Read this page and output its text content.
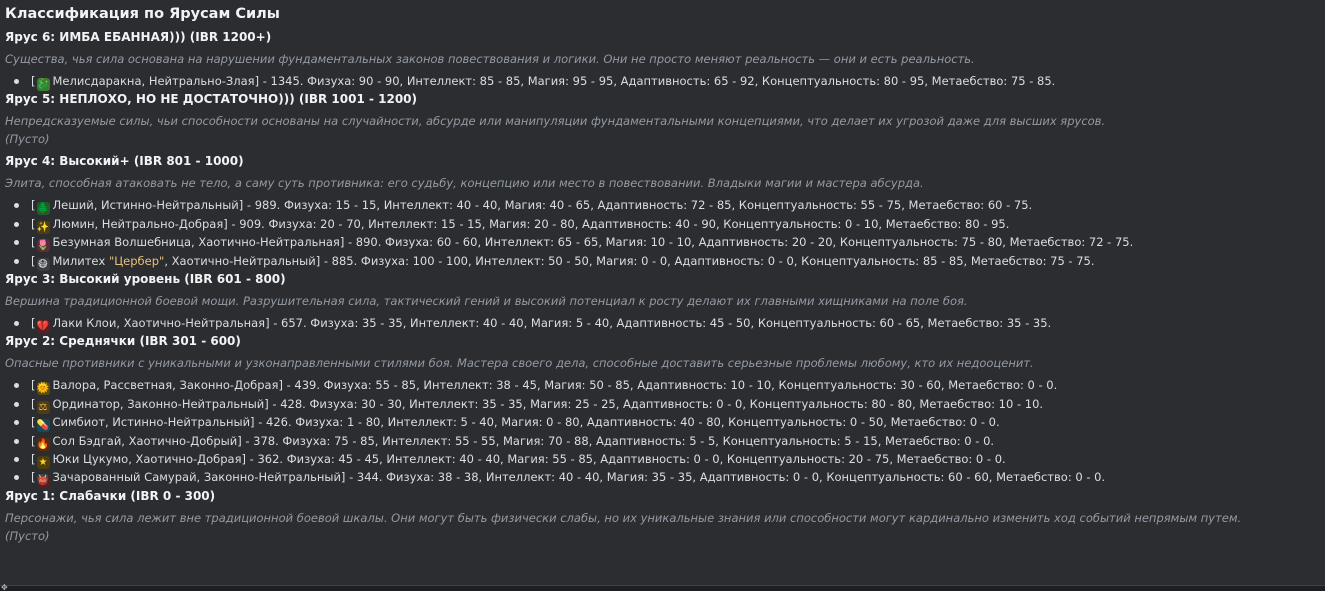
Классификация по Ярусам Силы
Ярус 6: ИМБА ЕБАННАЯ))) (IBR 1200+)
Существа, чья сила основана на нарушении фундаментальных законов повествования и логики. Они не просто меняют реальность — они и есть реальность.
[🐉 Мелисдаракна, Нейтрально-Злая] - 1345. Физуха: 90 - 90, Интеллект: 85 - 85, Магия: 95 - 95, Адаптивность: 65 - 92, Концептуальность: 80 - 95, Метаебство: 75 - 85.
Ярус 5: НЕПЛОХО, НО НЕ ДОСТАТОЧНО))) (IBR 1001 - 1200)
Непредсказуемые силы, чьи способности основаны на случайности, абсурде или манипуляции фундаментальными концепциями, что делает их угрозой даже для высших ярусов.
(Пусто)
Ярус 4: Высокий+ (IBR 801 - 1000)
Элита, способная атаковать не тело, а саму суть противника: его судьбу, концепцию или место в повествовании. Владыки магии и мастера абсурда.
[🌲 Леший, Истинно-Нейтральный] - 989. Физуха: 15 - 15, Интеллект: 40 - 40, Магия: 40 - 65, Адаптивность: 72 - 85, Концептуальность: 55 - 75, Метаебство: 60 - 75.
[✨ Люмин, Нейтрально-Добрая] - 909. Физуха: 20 - 70, Интеллект: 15 - 15, Магия: 20 - 80, Адаптивность: 40 - 90, Концептуальность: 0 - 10, Метаебство: 80 - 95.
[🌷 Безумная Волшебница, Хаотично-Нейтральная] - 890. Физуха: 60 - 60, Интеллект: 65 - 65, Магия: 10 - 10, Адаптивность: 20 - 20, Концептуальность: 75 - 80, Метаебство: 72 - 75.
[ 😷 Милитех "Цербер", Хаотично-Нейтральный] - 885. Физуха: 100 - 100, Интеллект: 50 - 50, Магия: 0 - 0, Адаптивность: 0 - 0, Концептуальность: 85 - 85, Метаебство: 75 - 75.
Ярус 3: Высокий уровень (IBR 601 - 800)
Вершина традиционной боевой мощи. Разрушительная сила, тактический гений и высокий потенциал к росту делают их главными хищниками на поле боя.
[💔 Лаки Клои, Хаотично-Нейтральная] - 657. Физуха: 35 - 35, Интеллект: 40 - 40, Магия: 5 - 40, Адаптивность: 45 - 50, Концептуальность: 60 - 65, Метаебство: 35 - 35.
Ярус 2: Среднячки (IBR 301 - 600)
Опасные противники с уникальными и узконаправленными стилями боя. Мастера своего дела, способные доставить серьезные проблемы любому, кто их недооценит.
[🌞 Валора, Рассветная, Законно-Добрая] - 439. Физуха: 55 - 85, Интеллект: 38 - 45, Магия: 50 - 85, Адаптивность: 10 - 10, Концептуальность: 30 - 60, Метаебство: 0 - 0.
[ ⚖ Ординатор, Законно-Нейтральный] - 428. Физуха: 30 - 30, Интеллект: 35 - 35, Магия: 25 - 25, Адаптивность: 0 - 0, Концептуальность: 80 - 80, Метаебство: 10 - 10.
[💊 Симбиот, Истинно-Нейтральный] - 426. Физуха: 1 - 80, Интеллект: 5 - 40, Магия: 0 - 80, Адаптивность: 40 - 80, Концептуальность: 0 - 50, Метаебство: 0 - 0.
[🔥 Сол Бэдгай, Хаотично-Добрый] - 378. Физуха: 75 - 85, Интеллект: 55 - 55, Магия: 70 - 88, Адаптивность: 5 - 5, Концептуальность: 5 - 15, Метаебство: 0 - 0.
[ ★ Юки Цукумо, Хаотично-Добрая] - 362. Физуха: 45 - 45, Интеллект: 40 - 40, Магия: 55 - 85, Адаптивность: 0 - 0, Концептуальность: 20 - 75, Метаебство: 0 - 0.
[👹 Зачарованный Самурай, Законно-Нейтральный] - 344. Физуха: 38 - 38, Интеллект: 40 - 40, Магия: 35 - 35, Адаптивность: 0 - 0, Концептуальность: 60 - 60, Метаебство: 0 - 0.
Ярус 1: Слабачки (IBR 0 - 300)
Персонажи, чья сила лежит вне традиционной боевой шкалы. Они могут быть физически слабы, но их уникальные знания или способности могут кардинально изменить ход событий непрямым путем.
(Пусто)
✥
